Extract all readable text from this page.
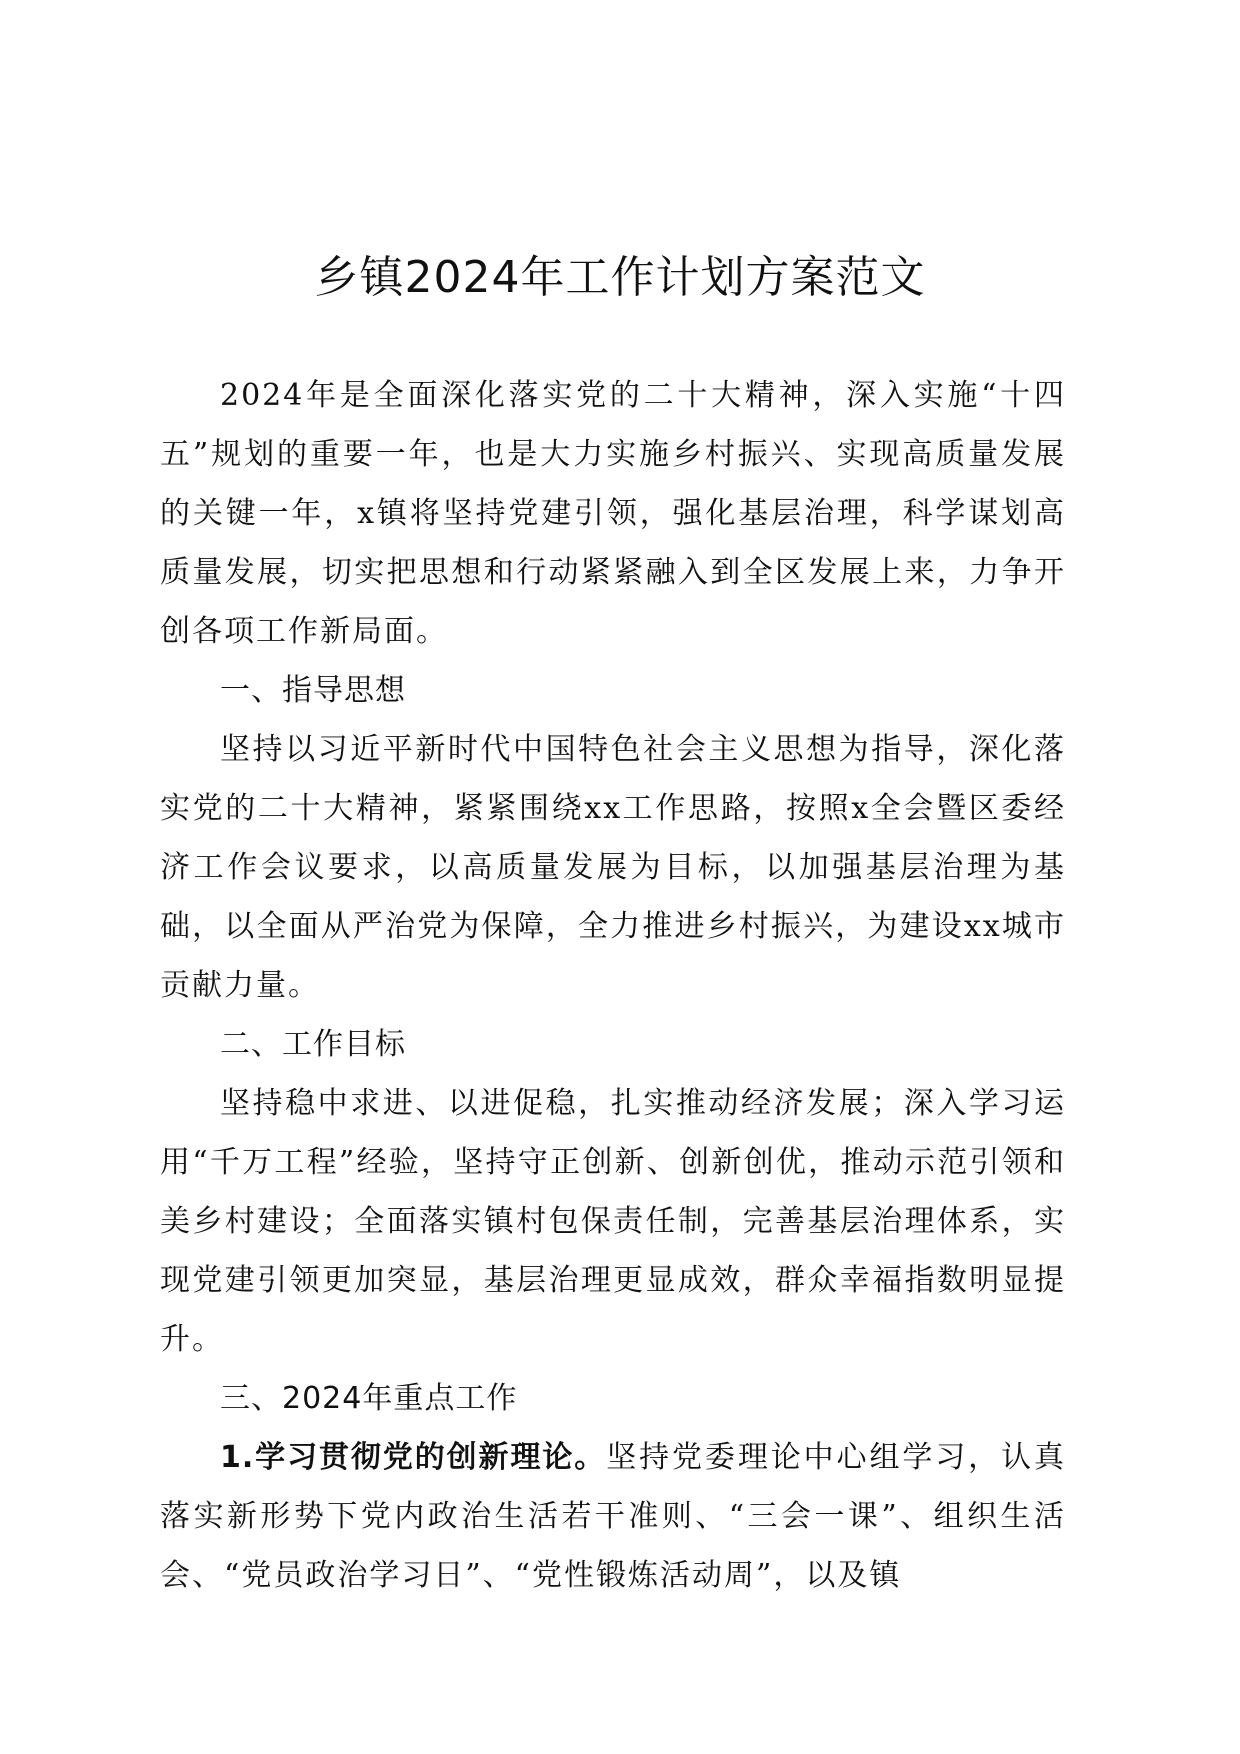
乡镇2024年工作计划方案范文

2024年是全面深化落实党的二十大精神，深入实施“十四五”规划的重要一年，也是大力实施乡村振兴、实现高质量发展的关键一年，x镇将坚持党建引领，强化基层治理，科学谋划高质量发展，切实把思想和行动紧紧融入到全区发展上来，力争开创各项工作新局面。

一、指导思想

坚持以习近平新时代中国特色社会主义思想为指导，深化落实党的二十大精神，紧紧围绕xx工作思路，按照x全会暨区委经济工作会议要求，以高质量发展为目标，以加强基层治理为基础，以全面从严治党为保障，全力推进乡村振兴，为建设xx城市贡献力量。

二、工作目标

坚持稳中求进、以进促稳，扎实推动经济发展；深入学习运用“千万工程”经验，坚持守正创新、创新创优，推动示范引领和美乡村建设；全面落实镇村包保责任制，完善基层治理体系，实现党建引领更加突显，基层治理更显成效，群众幸福指数明显提升。

三、2024年重点工作

1.学习贯彻党的创新理论。坚持党委理论中心组学习，认真落实新形势下党内政治生活若干准则、“三会一课”、组织生活会、“党员政治学习日”、“党性锻炼活动周”，以及镇
